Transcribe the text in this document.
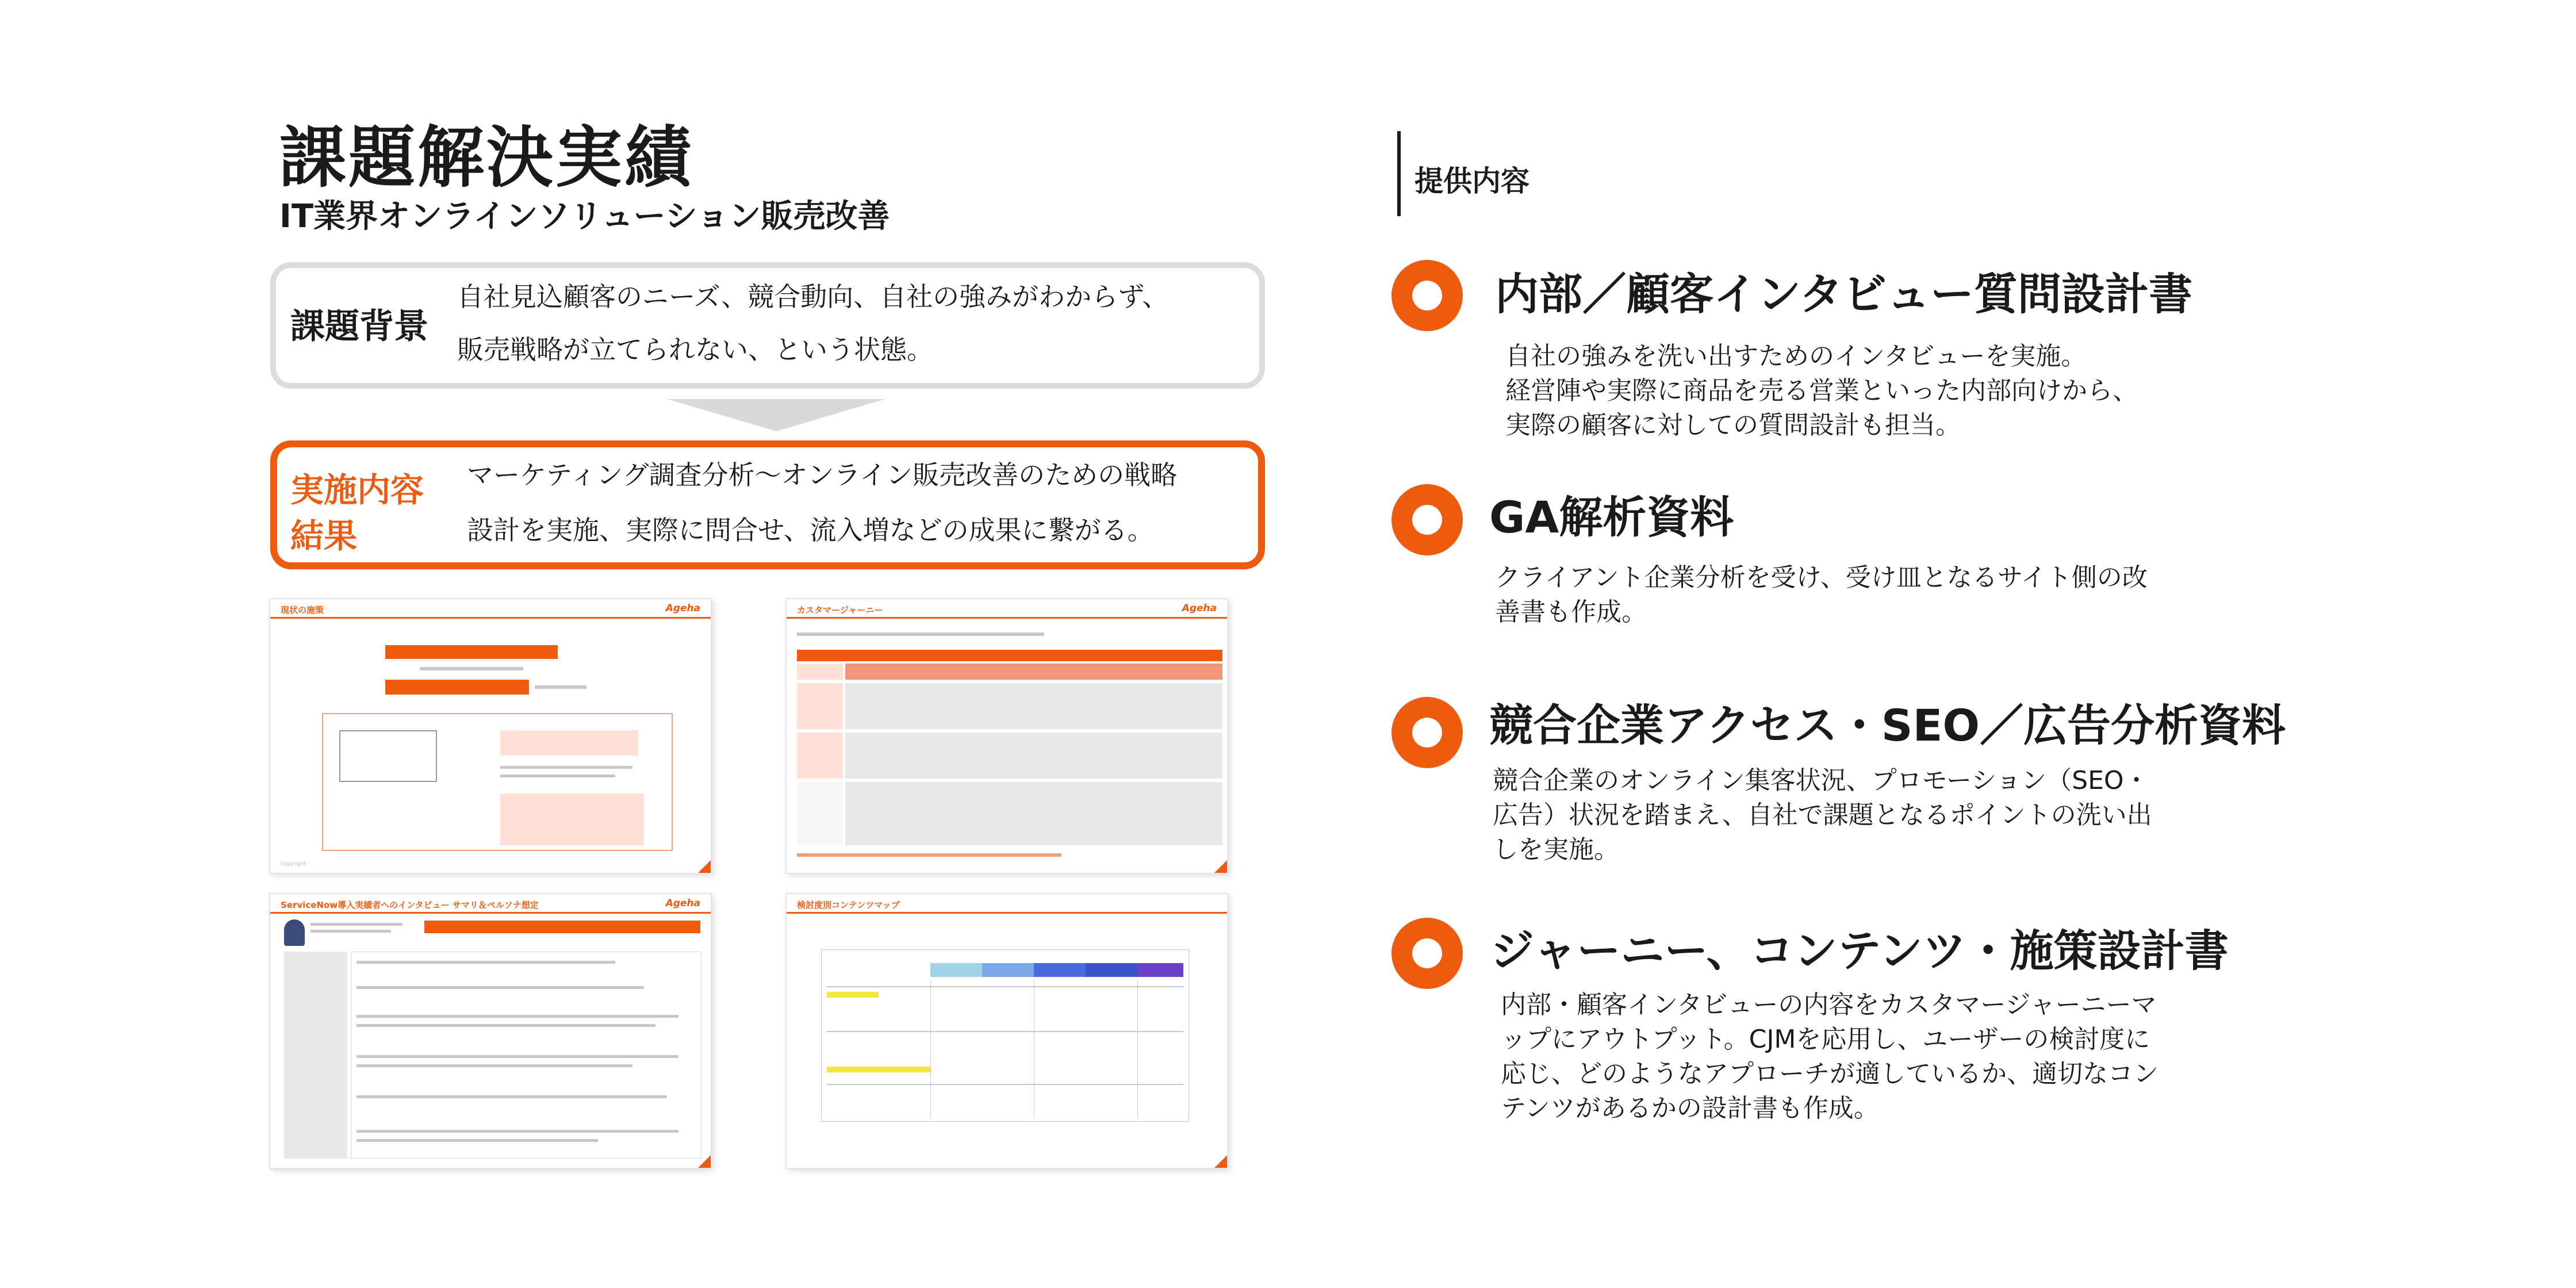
課題解決実績
IT業界オンラインソリューション販売改善
課題背景
自社見込顧客のニーズ、競合動向、自社の強みがわからず、
販売戦略が立てられない、という状態。
実施内容
結果
マーケティング調査分析〜オンライン販売改善のための戦略
設計を実施、実際に問合せ、流入増などの成果に繋がる。
現状の施策	Ageha
Copyright
カスタマージャーニー	Ageha
ServiceNow導入実績者へのインタビュー サマリ＆ペルソナ想定	Ageha	検討度別コンテンツマップ
提供内容
内部／顧客インタビュー質問設計書
自社の強みを洗い出すためのインタビューを実施。
経営陣や実際に商品を売る営業といった内部向けから、
実際の顧客に対しての質問設計も担当。
GA解析資料
クライアント企業分析を受け、受け皿となるサイト側の改
善書も作成。
競合企業アクセス・SEO／広告分析資料
競合企業のオンライン集客状況、プロモーション（SEO・
広告）状況を踏まえ、自社で課題となるポイントの洗い出
しを実施。
ジャーニー、コンテンツ・施策設計書
内部・顧客インタビューの内容をカスタマージャーニーマ
ップにアウトプット。CJMを応用し、ユーザーの検討度に
応じ、どのようなアプローチが適しているか、適切なコン
テンツがあるかの設計書も作成。
